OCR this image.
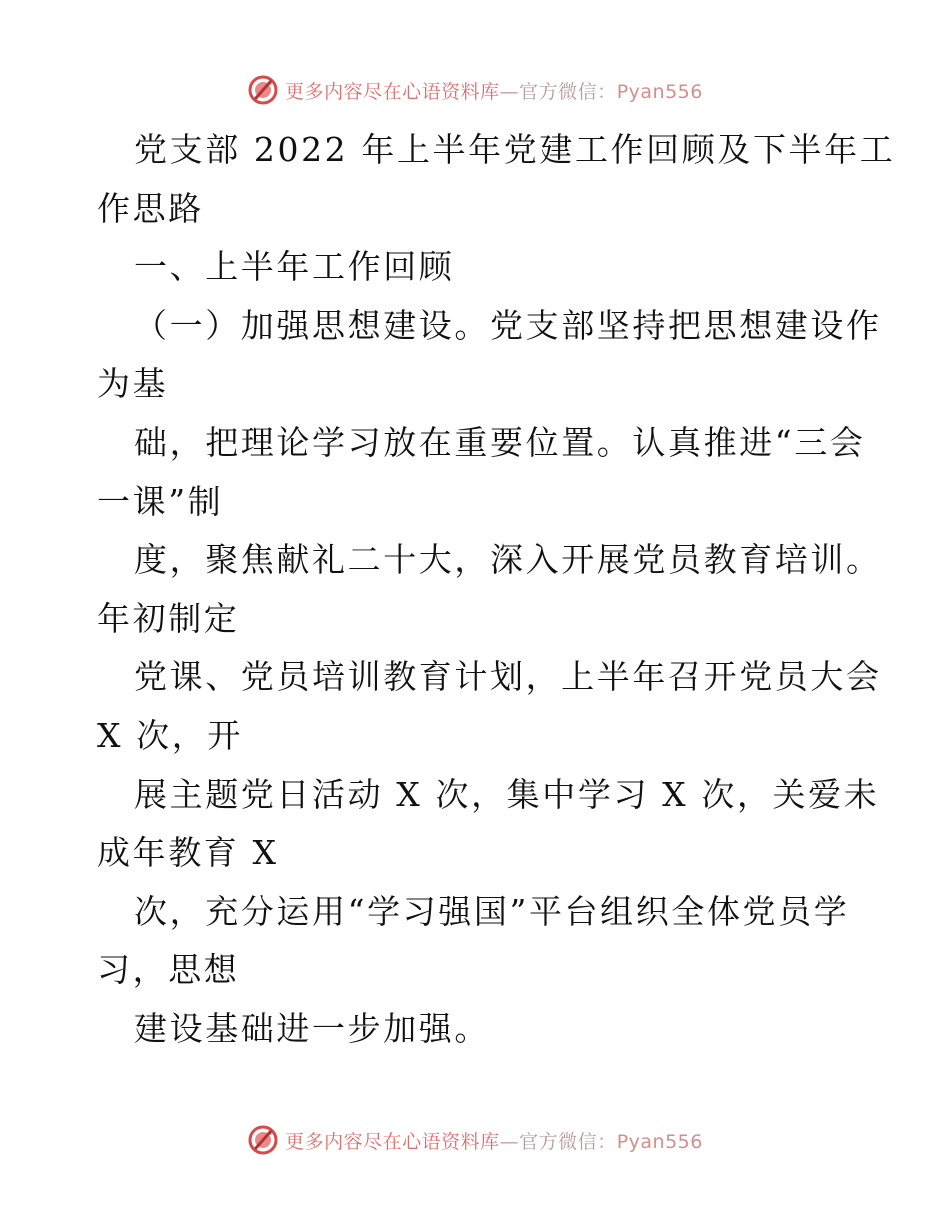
更多内容尽在心语资料库—官方微信：Pyan556
党支部 2022 年上半年党建工作回顾及下半年工
作思路
一、上半年工作回顾
（一）加强思想建设。党支部坚持把思想建设作
为基
础，把理论学习放在重要位置。认真推进“三会
一课”制
度，聚焦献礼二十大，深入开展党员教育培训。
年初制定
党课、党员培训教育计划，上半年召开党员大会
X 次，开
展主题党日活动 X 次，集中学习 X 次，关爱未
成年教育 X
次，充分运用“学习强国”平台组织全体党员学
习，思想
建设基础进一步加强。
更多内容尽在心语资料库—官方微信：Pyan556
